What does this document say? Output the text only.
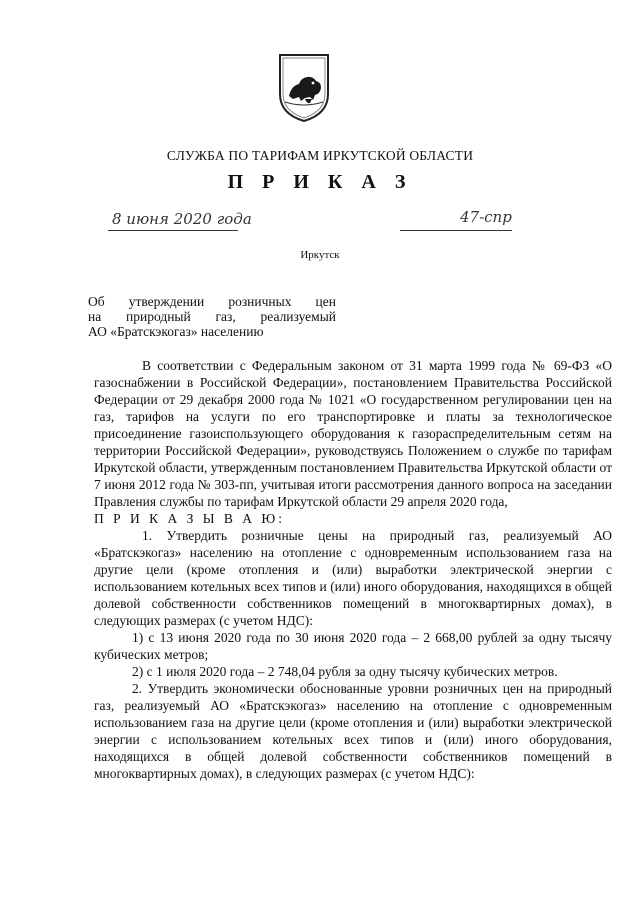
СЛУЖБА ПО ТАРИФАМ ИРКУТСКОЙ ОБЛАСТИ
П Р И К А З
8 июня 2020 года	47-спр
Иркутск
Об утверждении розничных цен
на природный газ, реализуемый
АО «Братскэкогаз» населению

В соответствии с Федеральным законом от 31 марта 1999 года № 69-ФЗ «О газоснабжении в Российской Федерации», постановлением Правительства Российской Федерации от 29 декабря 2000 года № 1021 «О государственном регулировании цен на газ, тарифов на услуги по его транспортировке и платы за технологическое присоединение газоиспользующего оборудования к газораспределительным сетям на территории Российской Федерации», руководствуясь Положением о службе по тарифам Иркутской области, утвержденным постановлением Правительства Иркутской области от 7 июня 2012 года № 303-пп, учитывая итоги рассмотрения данного вопроса на заседании Правления службы по тарифам Иркутской области 29 апреля 2020 года,

П Р И К А З Ы В А Ю:

1. Утвердить розничные цены на природный газ, реализуемый АО «Братскэкогаз» населению на отопление с одновременным использованием газа на другие цели (кроме отопления и (или) выработки электрической энергии с использованием котельных всех типов и (или) иного оборудования, находящихся в общей долевой собственности собственников помещений в многоквартирных домах), в следующих размерах (с учетом НДС):

1) с 13 июня 2020 года по 30 июня 2020 года – 2 668,00 рублей за одну тысячу кубических метров;

2) с 1 июля 2020 года – 2 748,04 рубля за одну тысячу кубических метров.

2. Утвердить экономически обоснованные уровни розничных цен на природный газ, реализуемый АО «Братскэкогаз» населению на отопление с одновременным использованием газа на другие цели (кроме отопления и (или) выработки электрической энергии с использованием котельных всех типов и (или) иного оборудования, находящихся в общей долевой собственности собственников помещений в многоквартирных домах), в следующих размерах (с учетом НДС):
